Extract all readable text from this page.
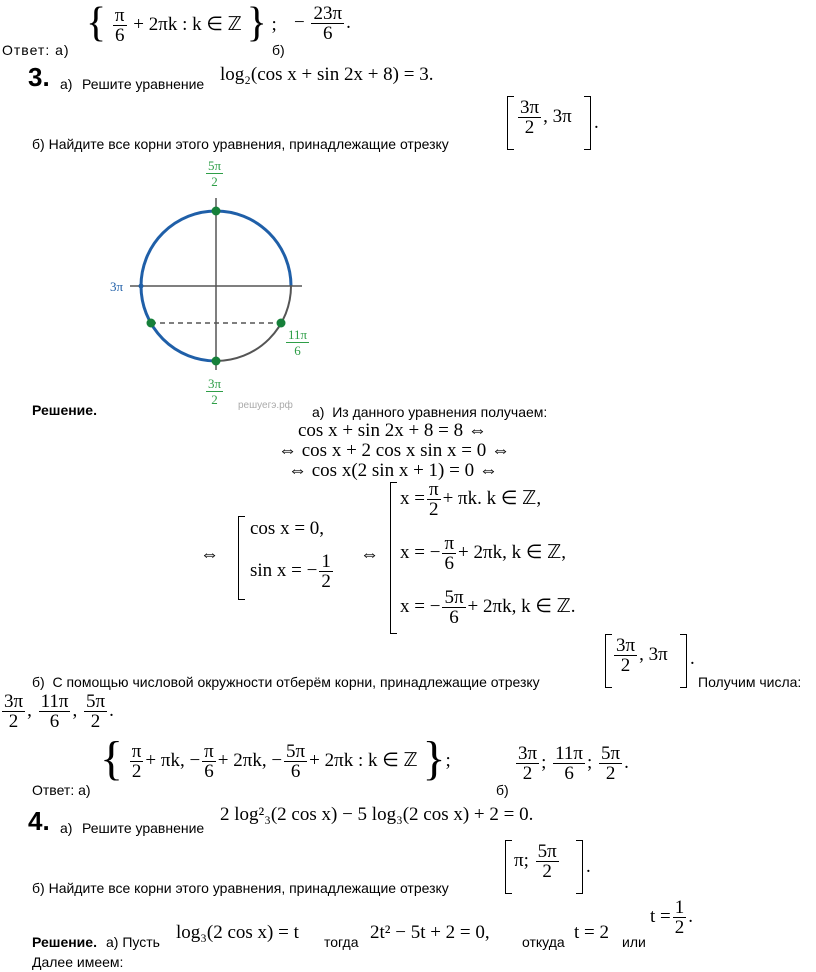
Ответ: а)
{ $\frac{\pi}{6} + 2\pi k$ : k ∈ ℤ } ;
б)
− $\frac{23\pi}{6}$ .
3. а) Решите уравнение log₂(cos x + sin 2x + 8) = 3.
б) Найдите все корни этого уравнения, принадлежащие отрезку
$\frac{3\pi}{2}$ , 3π .
$\frac{5\pi}{2}$
3π
$\frac{11\pi}{6}$
$\frac{3\pi}{2}$ решуегэ.рф
Решение.	а) Из данного уравнения получаем:
cos x + sin 2x + 8 = 8 ⇔
⇔ cos x + 2 cos x sin x = 0 ⇔
⇔ cos x(2 sin x + 1) = 0 ⇔
⇔
cos x = 0,
sin x = − $\frac{1}{2}$ ⇔
$x = \frac{\pi}{2} + \pi k$. k ∈ ℤ,
x = − $\frac{\pi}{6} + 2\pi k$, k ∈ ℤ,
x = − $\frac{5\pi}{6} + 2\pi k$, k ∈ ℤ.
б) С помощью числовой окружности отберём корни, принадлежащие отрезку
$\frac{3\pi}{2}$ , 3π .
Получим числа:
$\frac{3\pi}{2}$ , $\frac{11\pi}{6}$ , $\frac{5\pi}{2}$ .
Ответ: а)
{ $\frac{\pi}{2} + \pi k$, − $\frac{\pi}{6} + 2\pi k$, − $\frac{5\pi}{6} + 2\pi k$ : k ∈ ℤ };
б)
$\frac{3\pi}{2}$ ; $\frac{11\pi}{6}$ ; $\frac{5\pi}{2}$ .
4. а) Решите уравнение
2 log²₃(2 cos x) − 5 log₃(2 cos x) + 2 = 0.
б) Найдите все корни этого уравнения, принадлежащие отрезку
π; $\frac{5\pi}{2}$ .
Решение. а) Пусть log₃(2 cos x) = t тогда 2t² − 5t + 2 = 0, откуда t = 2 или
$t = \frac{1}{2}$ .
Далее имеем:
